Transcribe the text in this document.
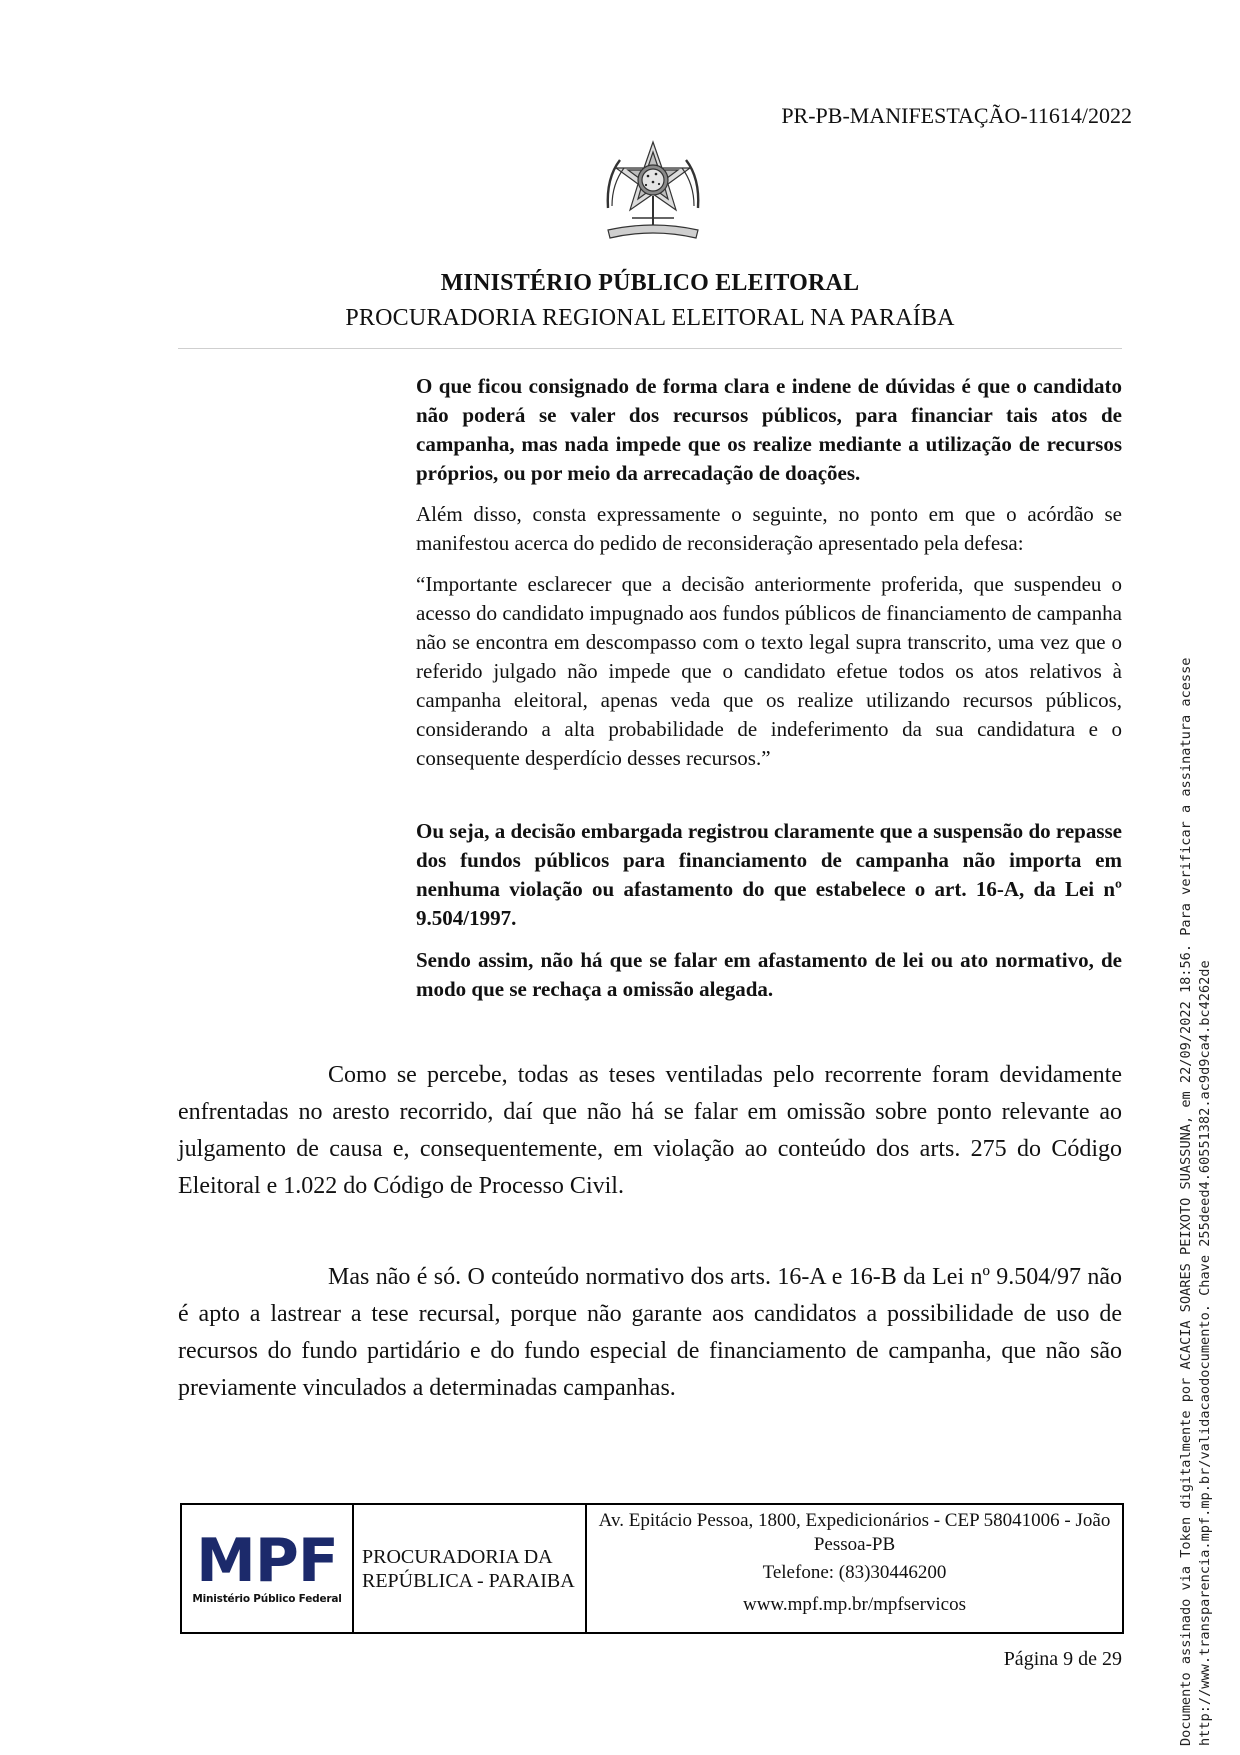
PR-PB-MANIFESTAÇÃO-11614/2022
MINISTÉRIO PÚBLICO ELEITORAL
PROCURADORIA REGIONAL ELEITORAL NA PARAÍBA

O que ficou consignado de forma clara e indene de dúvidas é que o candidato não poderá se valer dos recursos públicos, para financiar tais atos de campanha, mas nada impede que os realize mediante a utilização de recursos próprios, ou por meio da arrecadação de doações.

Além disso, consta expressamente o seguinte, no ponto em que o acórdão se manifestou acerca do pedido de reconsideração apresentado pela defesa:

“Importante esclarecer que a decisão anteriormente proferida, que suspendeu o acesso do candidato impugnado aos fundos públicos de financiamento de campanha não se encontra em descompasso com o texto legal supra transcrito, uma vez que o referido julgado não impede que o candidato efetue todos os atos relativos à campanha eleitoral, apenas veda que os realize utilizando recursos públicos, considerando a alta probabilidade de indeferimento da sua candidatura e o consequente desperdício desses recursos.”

Ou seja, a decisão embargada registrou claramente que a suspensão do repasse dos fundos públicos para financiamento de campanha não importa em nenhuma violação ou afastamento do que estabelece o art. 16-A, da Lei nº 9.504/1997.

Sendo assim, não há que se falar em afastamento de lei ou ato normativo, de modo que se rechaça a omissão alegada.

Como se percebe, todas as teses ventiladas pelo recorrente foram devidamente enfrentadas no aresto recorrido, daí que não há se falar em omissão sobre ponto relevante ao julgamento de causa e, consequentemente, em violação ao conteúdo dos arts. 275 do Código Eleitoral e 1.022 do Código de Processo Civil.

Mas não é só. O conteúdo normativo dos arts. 16-A e 16-B da Lei nº 9.504/97 não é apto a lastrear a tese recursal, porque não garante aos candidatos a possibilidade de uso de recursos do fundo partidário e do fundo especial de financiamento de campanha, que não são previamente vinculados a determinadas campanhas.	Documento assinado via Token digitalmente por ACACIA SOARES PEIXOTO SUASSUNA, em 22/09/2022 18:56. Para verificar a assinatura acesse http://www.transparencia.mpf.mp.br/validacaodocumento. Chave 255deed4.60551382.ac9d9ca4.bc4262de
MPF
Ministério Público Federal
PROCURADORIA DA REPÚBLICA - PARAIBA
Av. Epitácio Pessoa, 1800, Expedicionários - CEP 58041006 - João Pessoa-PB
Telefone: (83)30446200
www.mpf.mp.br/mpfservicos
Página 9 de 29
